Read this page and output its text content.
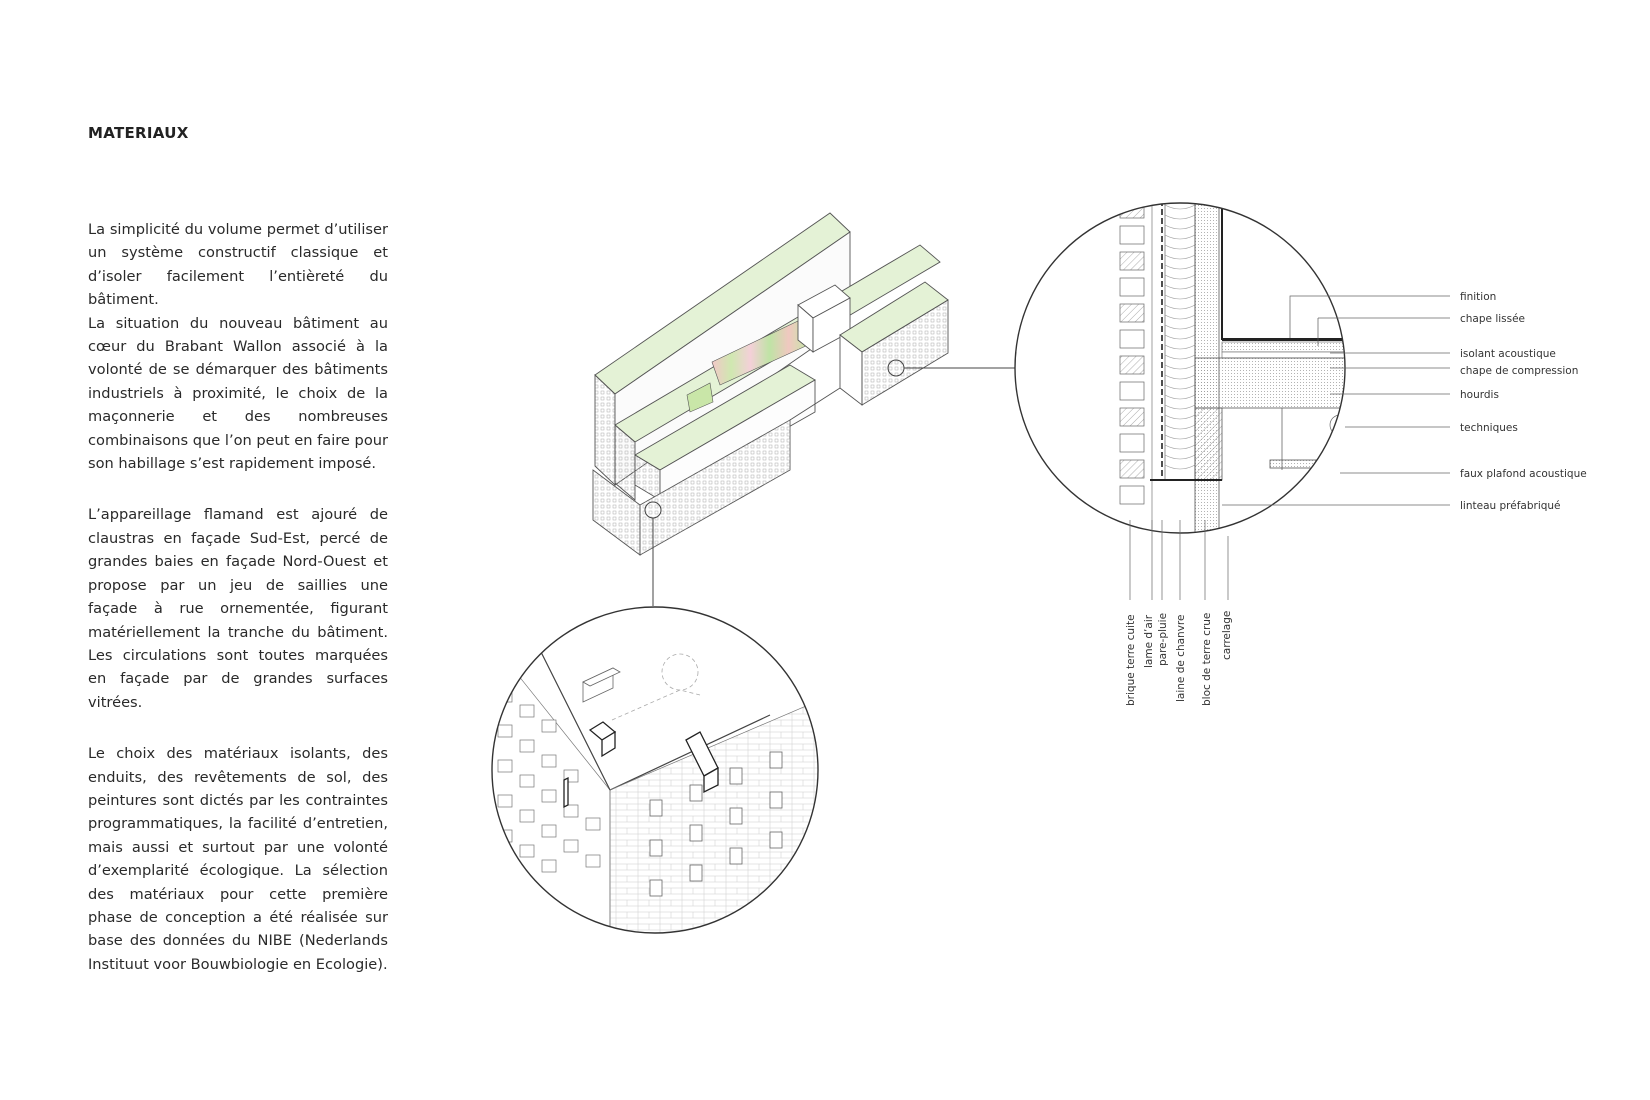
MATERIAUX

La simplicité du volume permet d’utiliser un système constructif classique et d’isoler facilement l’entièreté du bâtiment.
La situation du nouveau bâtiment au cœur du Brabant Wallon associé à la volonté de se démarquer des bâtiments industriels à proximité, le choix de la maçonnerie et des nombreuses combinaisons que l’on peut en faire pour son habillage s’est rapidement imposé.

L’appareillage flamand est ajouré de claustras en façade Sud-Est, percé de grandes baies en façade Nord-Ouest et propose par un jeu de saillies une façade à rue ornementée, figurant matériellement la tranche du bâtiment. Les circulations sont toutes marquées en façade par de grandes surfaces vitrées.

Le choix des matériaux isolants, des enduits, des revêtements de sol, des peintures sont dictés par les contraintes programmatiques, la facilité d’entretien, mais aussi et surtout par une volonté d’exemplarité écologique. La sélection des matériaux pour cette première phase de conception a été réalisée sur base des données du NIBE (Nederlands Instituut voor Bouwbiologie en Ecologie).

finition
chape lissée
isolant acoustique
chape de compression
hourdis
techniques
faux plafond acoustique
linteau préfabriqué
brique terre cuite lame d’air pare-pluie laine de chanvre bloc de terre crue carrelage
